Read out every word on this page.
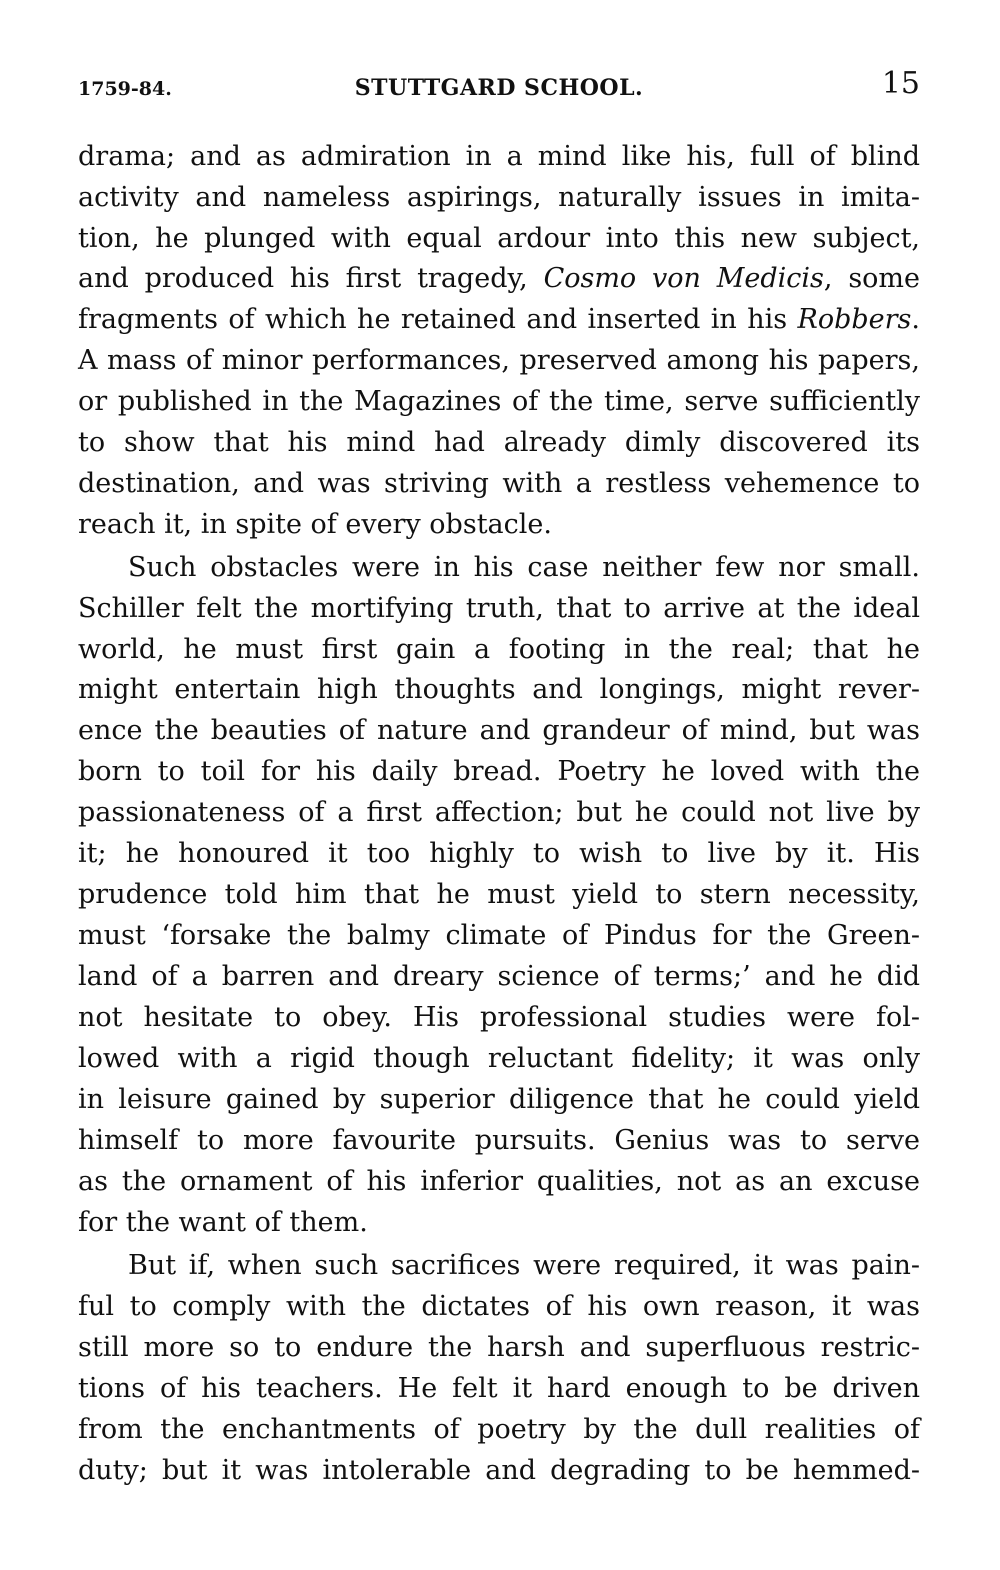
1759-84.	STUTTGARD SCHOOL.	15
drama; and as admiration in a mind like his, full of blind
activity and nameless aspirings, naturally issues in imita-
tion, he plunged with equal ardour into this new subject,
and produced his first tragedy, Cosmo von Medicis, some
fragments of which he retained and inserted in his Robbers.
A mass of minor performances, preserved among his papers,
or published in the Magazines of the time, serve sufficiently
to show that his mind had already dimly discovered its
destination, and was striving with a restless vehemence to
reach it, in spite of every obstacle.
Such obstacles were in his case neither few nor small.
Schiller felt the mortifying truth, that to arrive at the ideal
world, he must first gain a footing in the real; that he
might entertain high thoughts and longings, might rever-
ence the beauties of nature and grandeur of mind, but was
born to toil for his daily bread. Poetry he loved with the
passionateness of a first affection; but he could not live by
it; he honoured it too highly to wish to live by it. His
prudence told him that he must yield to stern necessity,
must ‘forsake the balmy climate of Pindus for the Green-
land of a barren and dreary science of terms;’ and he did
not hesitate to obey. His professional studies were fol-
lowed with a rigid though reluctant fidelity; it was only
in leisure gained by superior diligence that he could yield
himself to more favourite pursuits. Genius was to serve
as the ornament of his inferior qualities, not as an excuse
for the want of them.
But if, when such sacrifices were required, it was pain-
ful to comply with the dictates of his own reason, it was
still more so to endure the harsh and superfluous restric-
tions of his teachers. He felt it hard enough to be driven
from the enchantments of poetry by the dull realities of
duty; but it was intolerable and degrading to be hemmed-
